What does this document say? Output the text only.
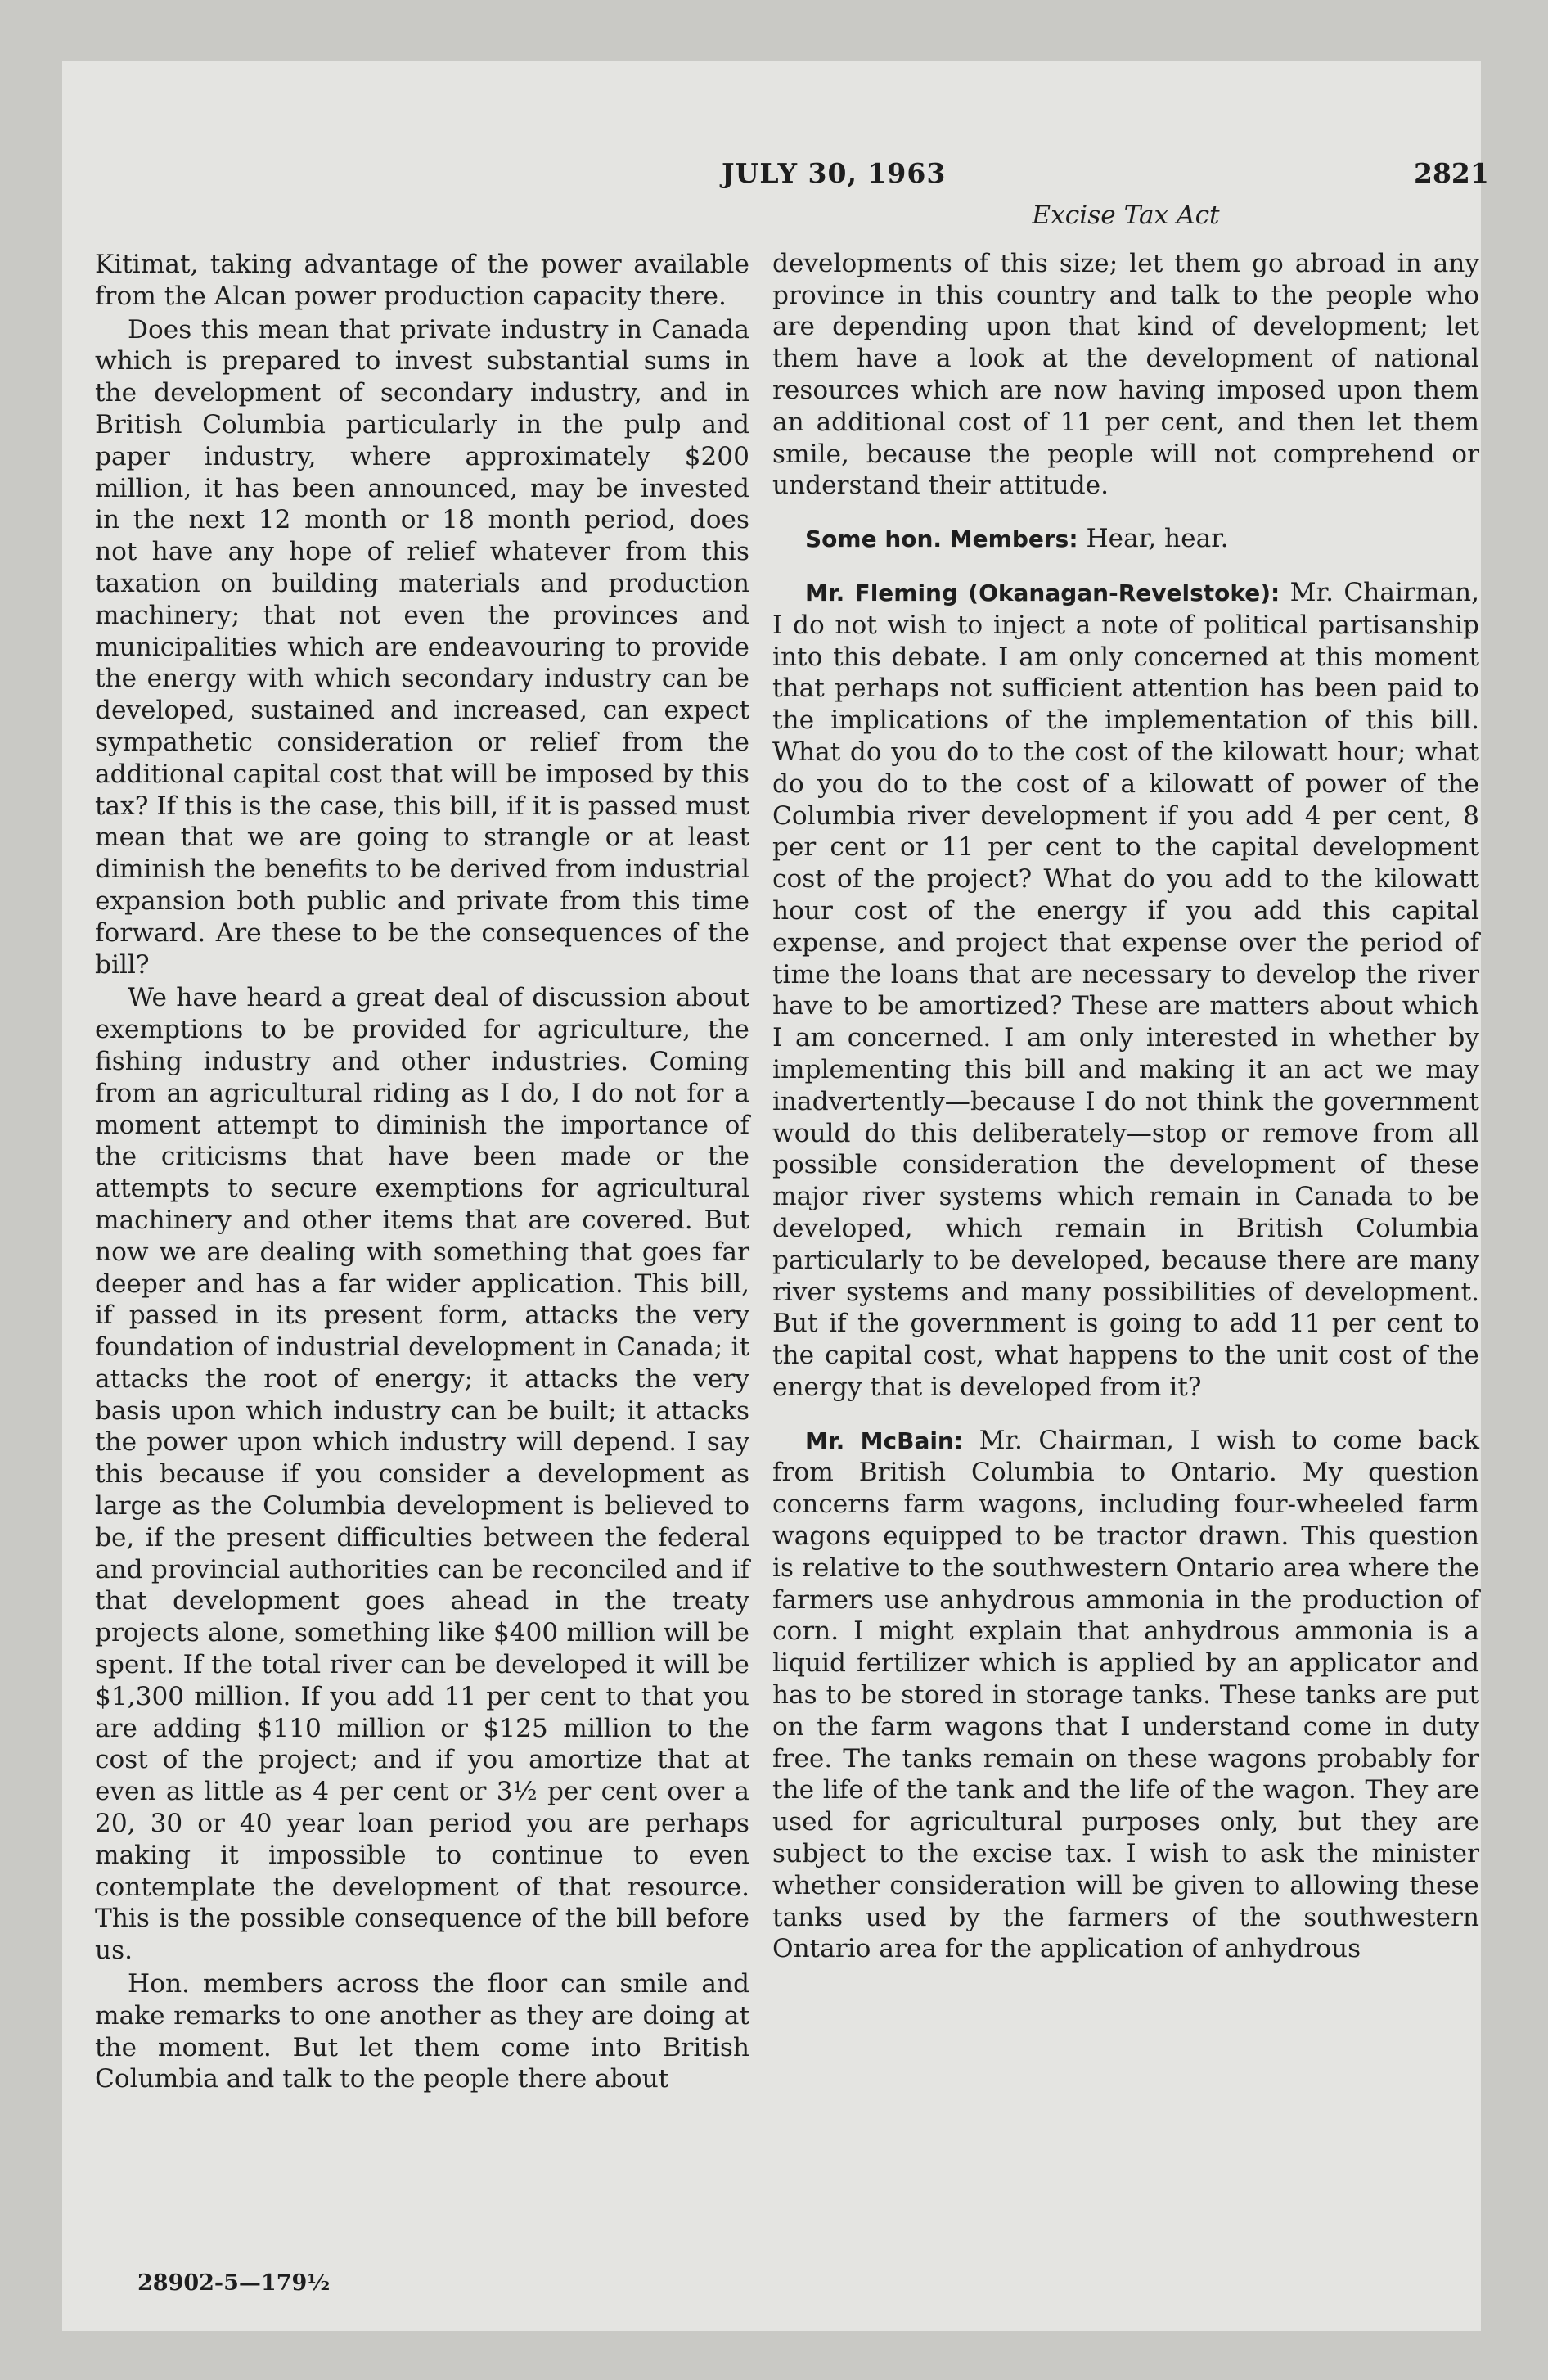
JULY 30, 1963	2821

Kitimat, taking advantage of the power available from the Alcan power production capacity there.

Does this mean that private industry in Canada which is prepared to invest substantial sums in the development of secondary industry, and in British Columbia particularly in the pulp and paper industry, where approximately $200 million, it has been announced, may be invested in the next 12 month or 18 month period, does not have any hope of relief whatever from this taxation on building materials and production machinery; that not even the provinces and municipalities which are endeavouring to provide the energy with which secondary industry can be developed, sustained and increased, can expect sympathetic consideration or relief from the additional capital cost that will be imposed by this tax? If this is the case, this bill, if it is passed must mean that we are going to strangle or at least diminish the benefits to be derived from industrial expansion both public and private from this time forward. Are these to be the consequences of the bill?

We have heard a great deal of discussion about exemptions to be provided for agriculture, the fishing industry and other industries. Coming from an agricultural riding as I do, I do not for a moment attempt to diminish the importance of the criticisms that have been made or the attempts to secure exemptions for agricultural machinery and other items that are covered. But now we are dealing with something that goes far deeper and has a far wider application. This bill, if passed in its present form, attacks the very foundation of industrial development in Canada; it attacks the root of energy; it attacks the very basis upon which industry can be built; it attacks the power upon which industry will depend. I say this because if you consider a development as large as the Columbia development is believed to be, if the present difficulties between the federal and provincial authorities can be reconciled and if that development goes ahead in the treaty projects alone, something like $400 million will be spent. If the total river can be developed it will be $1,300 million. If you add 11 per cent to that you are adding $110 million or $125 million to the cost of the project; and if you amortize that at even as little as 4 per cent or 3½ per cent over a 20, 30 or 40 year loan period you are perhaps making it impossible to continue to even contemplate the development of that resource. This is the possible consequence of the bill before us.

Hon. members across the floor can smile and make remarks to one another as they are doing at the moment. But let them come into British Columbia and talk to the people there about

Excise Tax Act

developments of this size; let them go abroad in any province in this country and talk to the people who are depending upon that kind of development; let them have a look at the development of national resources which are now having imposed upon them an additional cost of 11 per cent, and then let them smile, because the people will not comprehend or understand their attitude.

Some hon. Members: Hear, hear.

Mr. Fleming (Okanagan-Revelstoke): Mr. Chairman, I do not wish to inject a note of political partisanship into this debate. I am only concerned at this moment that perhaps not sufficient attention has been paid to the implications of the implementation of this bill. What do you do to the cost of the kilowatt hour; what do you do to the cost of a kilowatt of power of the Columbia river development if you add 4 per cent, 8 per cent or 11 per cent to the capital development cost of the project? What do you add to the kilowatt hour cost of the energy if you add this capital expense, and project that expense over the period of time the loans that are necessary to develop the river have to be amortized? These are matters about which I am concerned. I am only interested in whether by implementing this bill and making it an act we may inadvertently—because I do not think the government would do this deliberately—stop or remove from all possible consideration the development of these major river systems which remain in Canada to be developed, which remain in British Columbia particularly to be developed, because there are many river systems and many possibilities of development. But if the government is going to add 11 per cent to the capital cost, what happens to the unit cost of the energy that is developed from it?

Mr. McBain: Mr. Chairman, I wish to come back from British Columbia to Ontario. My question concerns farm wagons, including four-wheeled farm wagons equipped to be tractor drawn. This question is relative to the southwestern Ontario area where the farmers use anhydrous ammonia in the production of corn. I might explain that anhydrous ammonia is a liquid fertilizer which is applied by an applicator and has to be stored in storage tanks. These tanks are put on the farm wagons that I understand come in duty free. The tanks remain on these wagons probably for the life of the tank and the life of the wagon. They are used for agricultural purposes only, but they are subject to the excise tax. I wish to ask the minister whether consideration will be given to allowing these tanks used by the farmers of the southwestern Ontario area for the application of anhydrous

28902-5—179½
